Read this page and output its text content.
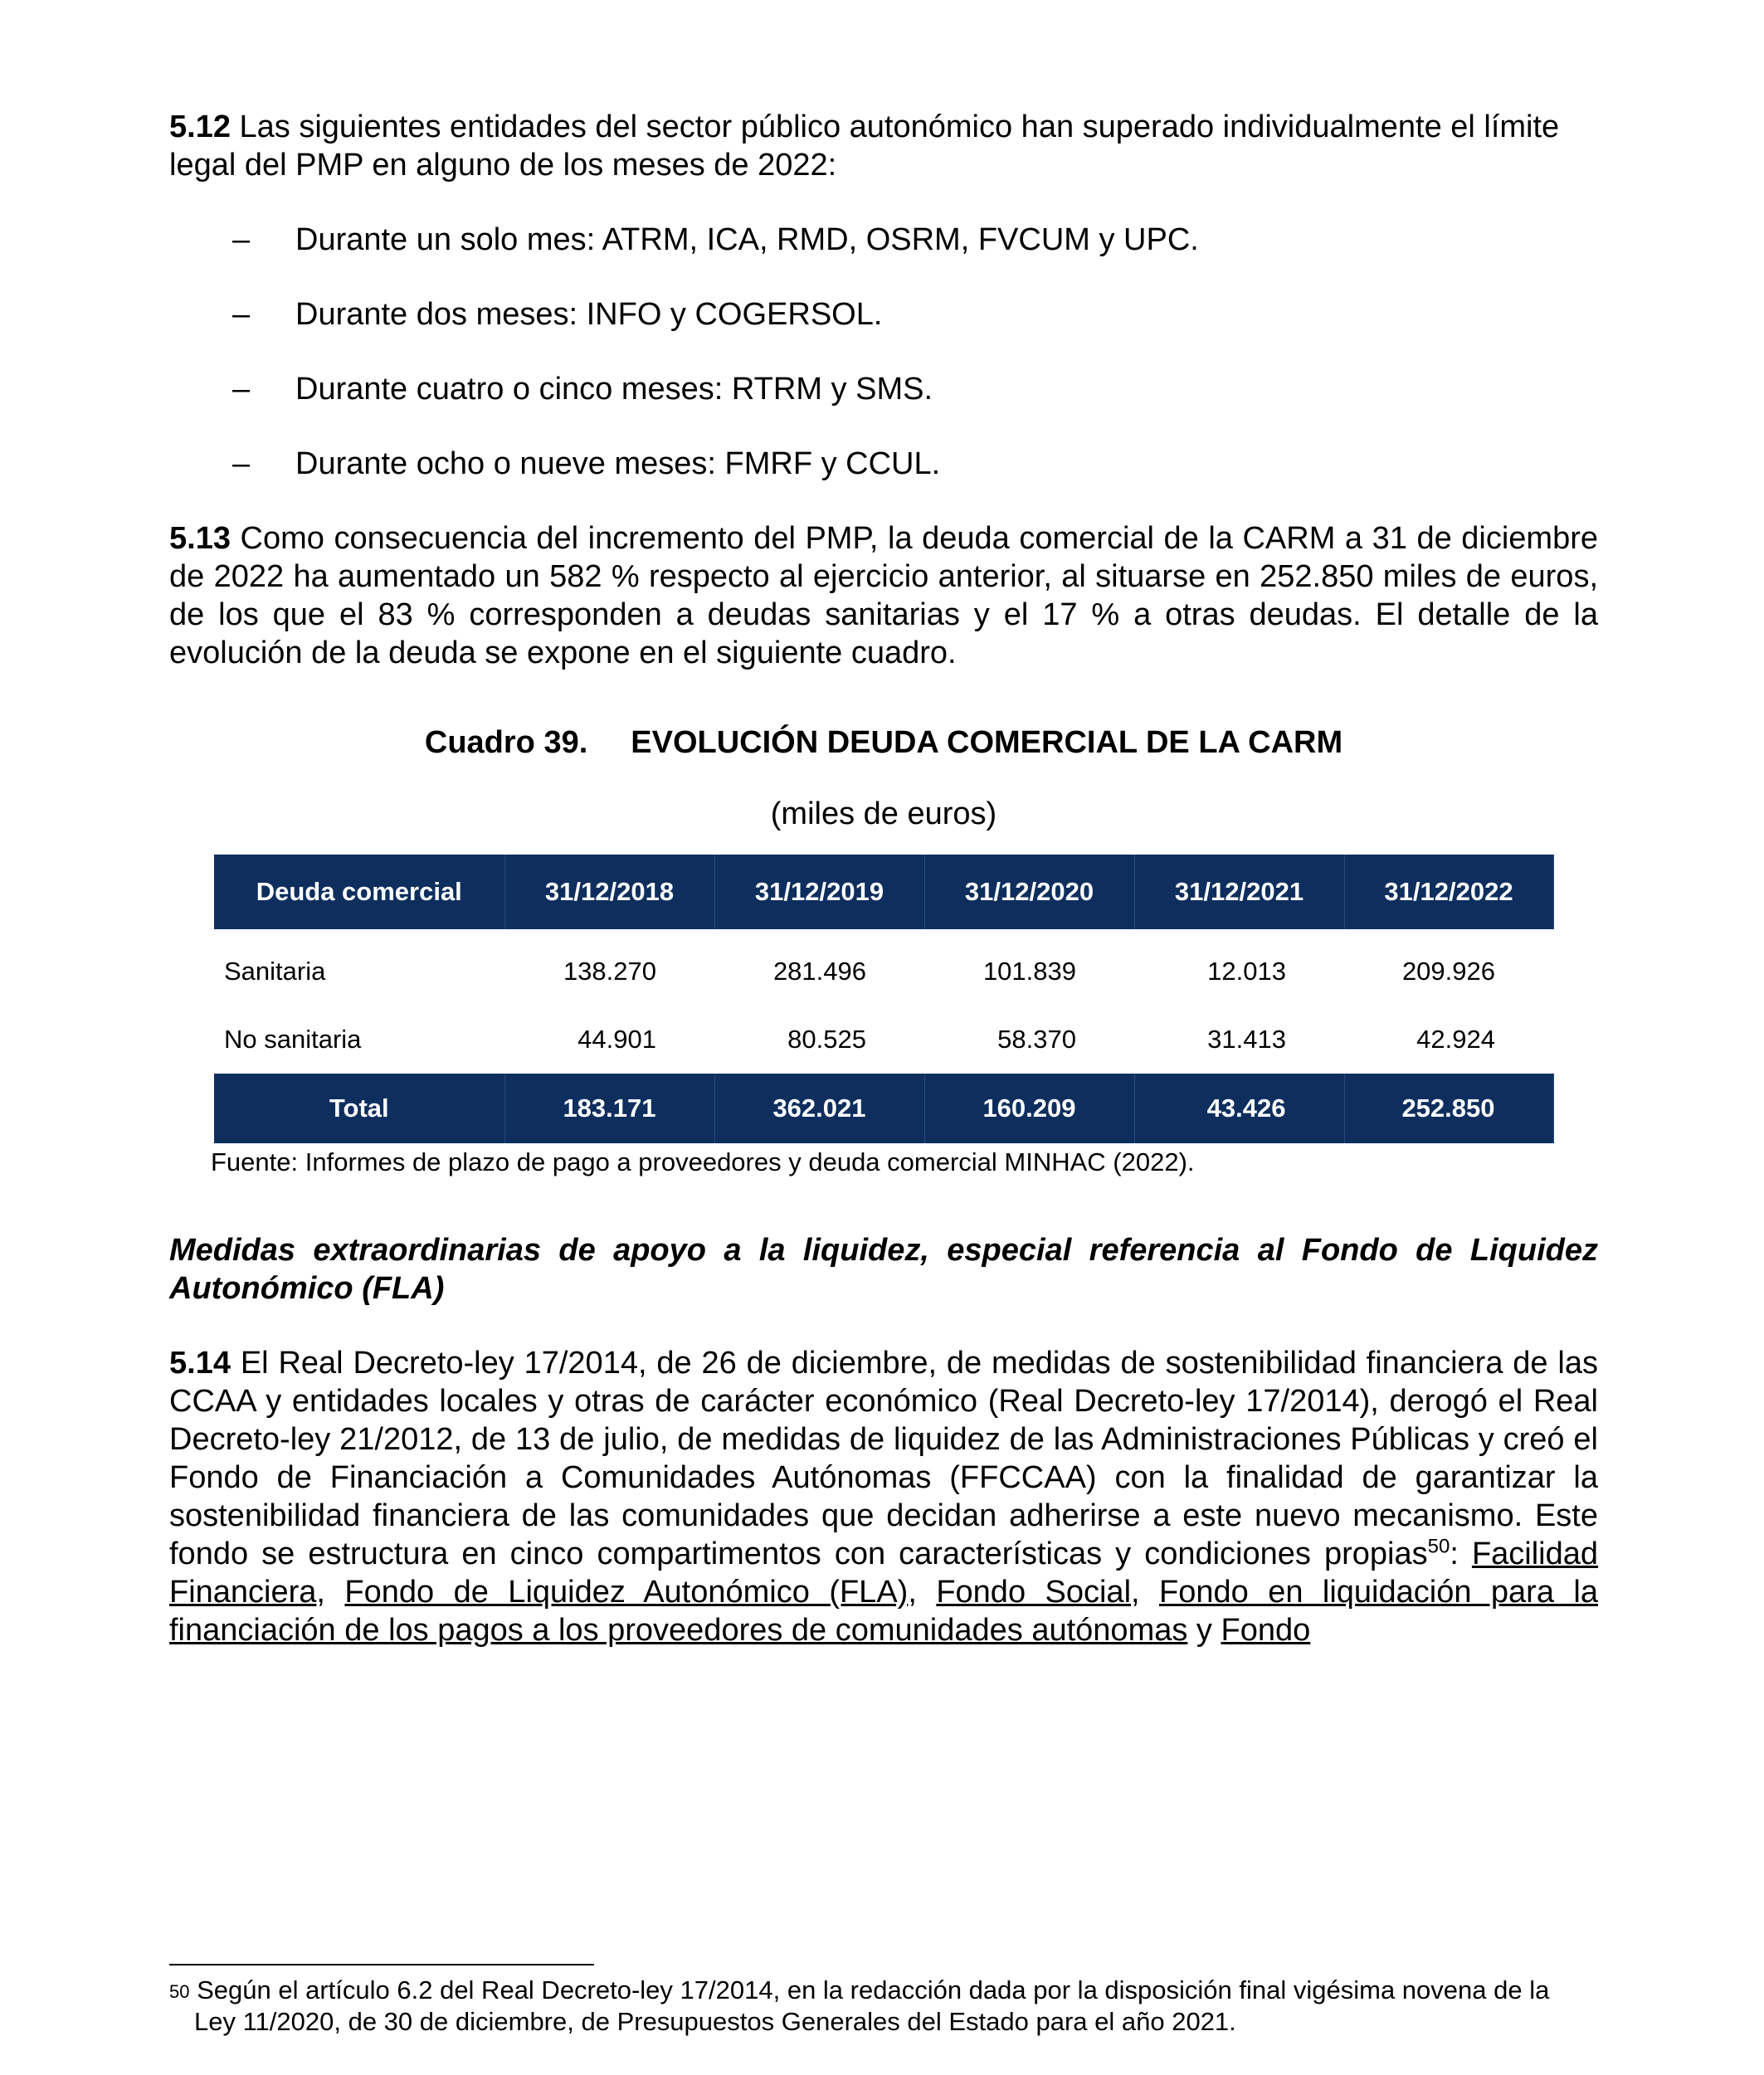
5.12 Las siguientes entidades del sector público autonómico han superado individualmente el límite legal del PMP en alguno de los meses de 2022:

– Durante un solo mes: ATRM, ICA, RMD, OSRM, FVCUM y UPC.
– Durante dos meses: INFO y COGERSOL.
– Durante cuatro o cinco meses: RTRM y SMS.
– Durante ocho o nueve meses: FMRF y CCUL.

5.13 Como consecuencia del incremento del PMP, la deuda comercial de la CARM a 31 de diciembre de 2022 ha aumentado un 582 % respecto al ejercicio anterior, al situarse en 252.850 miles de euros, de los que el 83 % corresponden a deudas sanitarias y el 17 % a otras deudas. El detalle de la evolución de la deuda se expone en el siguiente cuadro.

Cuadro 39. EVOLUCIÓN DEUDA COMERCIAL DE LA CARM
(miles de euros)
Deuda comercial	31/12/2018	31/12/2019	31/12/2020	31/12/2021	31/12/2022
Sanitaria	138.270	281.496	101.839	12.013	209.926
No sanitaria	44.901	80.525	58.370	31.413	42.924
Total	183.171	362.021	160.209	43.426	252.850
Fuente: Informes de plazo de pago a proveedores y deuda comercial MINHAC (2022).
Medidas extraordinarias de apoyo a la liquidez, especial referencia al Fondo de Liquidez Autonómico (FLA)

5.14 El Real Decreto-ley 17/2014, de 26 de diciembre, de medidas de sostenibilidad financiera de las CCAA y entidades locales y otras de carácter económico (Real Decreto-ley 17/2014), derogó el Real Decreto-ley 21/2012, de 13 de julio, de medidas de liquidez de las Administraciones Públicas y creó el Fondo de Financiación a Comunidades Autónomas (FFCCAA) con la finalidad de garantizar la sostenibilidad financiera de las comunidades que decidan adherirse a este nuevo mecanismo. Este fondo se estructura en cinco compartimentos con características y condiciones propias$^{50}$: Facilidad Financiera, Fondo de Liquidez Autonómico (FLA), Fondo Social, Fondo en liquidación para la financiación de los pagos a los proveedores de comunidades autónomas y Fondo

$^{50}$ Según el artículo 6.2 del Real Decreto-ley 17/2014, en la redacción dada por la disposición final vigésima novena de la
Ley 11/2020, de 30 de diciembre, de Presupuestos Generales del Estado para el año 2021.
